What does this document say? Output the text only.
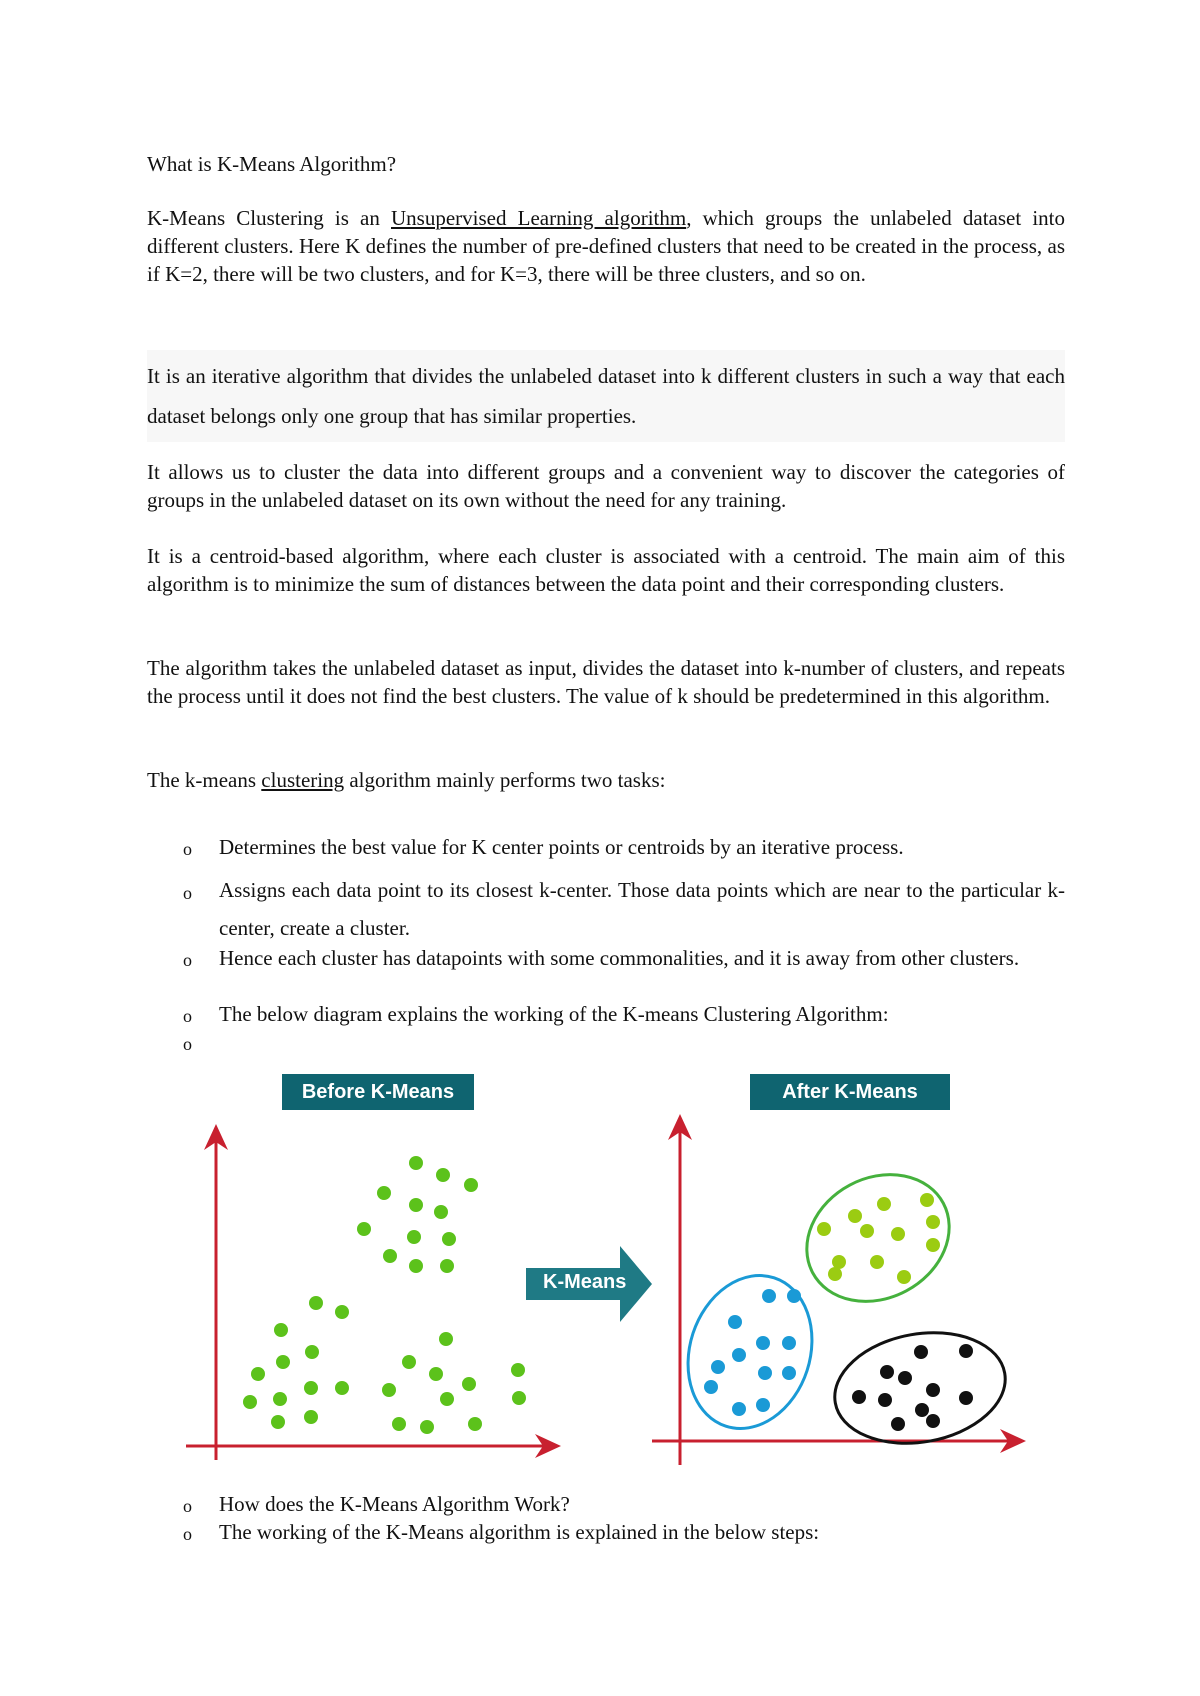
What is K-Means Algorithm?
K-Means Clustering is an Unsupervised Learning algorithm, which groups the unlabeled dataset into different clusters. Here K defines the number of pre-defined clusters that need to be created in the process, as if K=2, there will be two clusters, and for K=3, there will be three clusters, and so on.
It is an iterative algorithm that divides the unlabeled dataset into k different clusters in such a way that each dataset belongs only one group that has similar properties.
It allows us to cluster the data into different groups and a convenient way to discover the categories of groups in the unlabeled dataset on its own without the need for any training.
It is a centroid-based algorithm, where each cluster is associated with a centroid. The main aim of this algorithm is to minimize the sum of distances between the data point and their corresponding clusters.
The algorithm takes the unlabeled dataset as input, divides the dataset into k-number of clusters, and repeats the process until it does not find the best clusters. The value of k should be predetermined in this algorithm.
The k-means clustering algorithm mainly performs two tasks:
o Determines the best value for K center points or centroids by an iterative process.
o Assigns each data point to its closest k-center. Those data points which are near to the particular k-center, create a cluster.
o Hence each cluster has datapoints with some commonalities, and it is away from other clusters.
o The below diagram explains the working of the K-means Clustering Algorithm:
o
o How does the K-Means Algorithm Work?
o The working of the K-Means algorithm is explained in the below steps:
Before K-Means	After K-Means
K-Means
